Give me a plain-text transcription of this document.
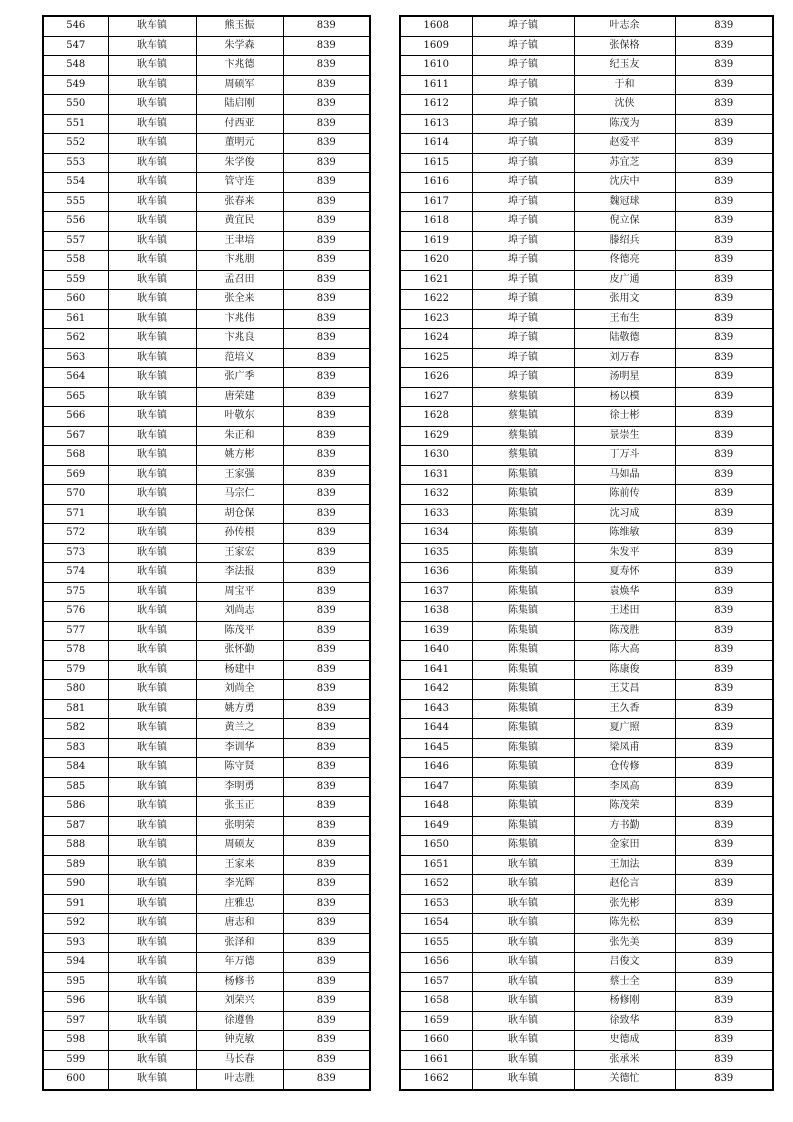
546	耿车镇	熊玉振	839
547	耿车镇	朱学森	839
548	耿车镇	卞兆德	839
549	耿车镇	周硕军	839
550	耿车镇	陆启刚	839
551	耿车镇	付西亚	839
552	耿车镇	董明元	839
553	耿车镇	朱学俊	839
554	耿车镇	管守连	839
555	耿车镇	张春来	839
556	耿车镇	黄宜民	839
557	耿车镇	王聿培	839
558	耿车镇	卞兆朋	839
559	耿车镇	孟召田	839
560	耿车镇	张全来	839
561	耿车镇	卞兆伟	839
562	耿车镇	卞兆良	839
563	耿车镇	范培义	839
564	耿车镇	张广季	839
565	耿车镇	唐荣建	839
566	耿车镇	叶敬东	839
567	耿车镇	朱正和	839
568	耿车镇	姚方彬	839
569	耿车镇	王家强	839
570	耿车镇	马宗仁	839
571	耿车镇	胡仓保	839
572	耿车镇	孙传根	839
573	耿车镇	王家宏	839
574	耿车镇	李法报	839
575	耿车镇	周宝平	839
576	耿车镇	刘尚志	839
577	耿车镇	陈茂平	839
578	耿车镇	张怀勤	839
579	耿车镇	杨建中	839
580	耿车镇	刘尚全	839
581	耿车镇	姚方勇	839
582	耿车镇	黄兰之	839
583	耿车镇	李训华	839
584	耿车镇	陈守贤	839
585	耿车镇	李明勇	839
586	耿车镇	张玉正	839
587	耿车镇	张明荣	839
588	耿车镇	周硕友	839
589	耿车镇	王家来	839
590	耿车镇	李光辉	839
591	耿车镇	庄雅忠	839
592	耿车镇	唐志和	839
593	耿车镇	张泽和	839
594	耿车镇	年万德	839
595	耿车镇	杨修书	839
596	耿车镇	刘荣兴	839
597	耿车镇	徐遵鲁	839
598	耿车镇	钟克敏	839
599	耿车镇	马长春	839
600	耿车镇	叶志胜	839
1608	埠子镇	叶志余	839
1609	埠子镇	张保格	839
1610	埠子镇	纪玉友	839
1611	埠子镇	于和	839
1612	埠子镇	沈侠	839
1613	埠子镇	陈茂为	839
1614	埠子镇	赵爱平	839
1615	埠子镇	苏宜芝	839
1616	埠子镇	沈庆中	839
1617	埠子镇	魏冠球	839
1618	埠子镇	倪立保	839
1619	埠子镇	滕绍兵	839
1620	埠子镇	佟德亮	839
1621	埠子镇	皮广通	839
1622	埠子镇	张用文	839
1623	埠子镇	王布生	839
1624	埠子镇	陆敬德	839
1625	埠子镇	刘万春	839
1626	埠子镇	汤明星	839
1627	蔡集镇	杨以模	839
1628	蔡集镇	徐士彬	839
1629	蔡集镇	景崇生	839
1630	蔡集镇	丁万斗	839
1631	陈集镇	马如晶	839
1632	陈集镇	陈前传	839
1633	陈集镇	沈习成	839
1634	陈集镇	陈维敏	839
1635	陈集镇	朱发平	839
1636	陈集镇	夏寿怀	839
1637	陈集镇	袁焕华	839
1638	陈集镇	王述田	839
1639	陈集镇	陈茂胜	839
1640	陈集镇	陈大高	839
1641	陈集镇	陈康俊	839
1642	陈集镇	王艾昌	839
1643	陈集镇	王久香	839
1644	陈集镇	夏广照	839
1645	陈集镇	梁凤甫	839
1646	陈集镇	仓传修	839
1647	陈集镇	李凤高	839
1648	陈集镇	陈茂荣	839
1649	陈集镇	方书勤	839
1650	陈集镇	金家田	839
1651	耿车镇	王加法	839
1652	耿车镇	赵伦言	839
1653	耿车镇	张先彬	839
1654	耿车镇	陈先松	839
1655	耿车镇	张先美	839
1656	耿车镇	吕俊文	839
1657	耿车镇	蔡士全	839
1658	耿车镇	杨修刚	839
1659	耿车镇	徐致华	839
1660	耿车镇	史德成	839
1661	耿车镇	张承米	839
1662	耿车镇	关德忙	839
